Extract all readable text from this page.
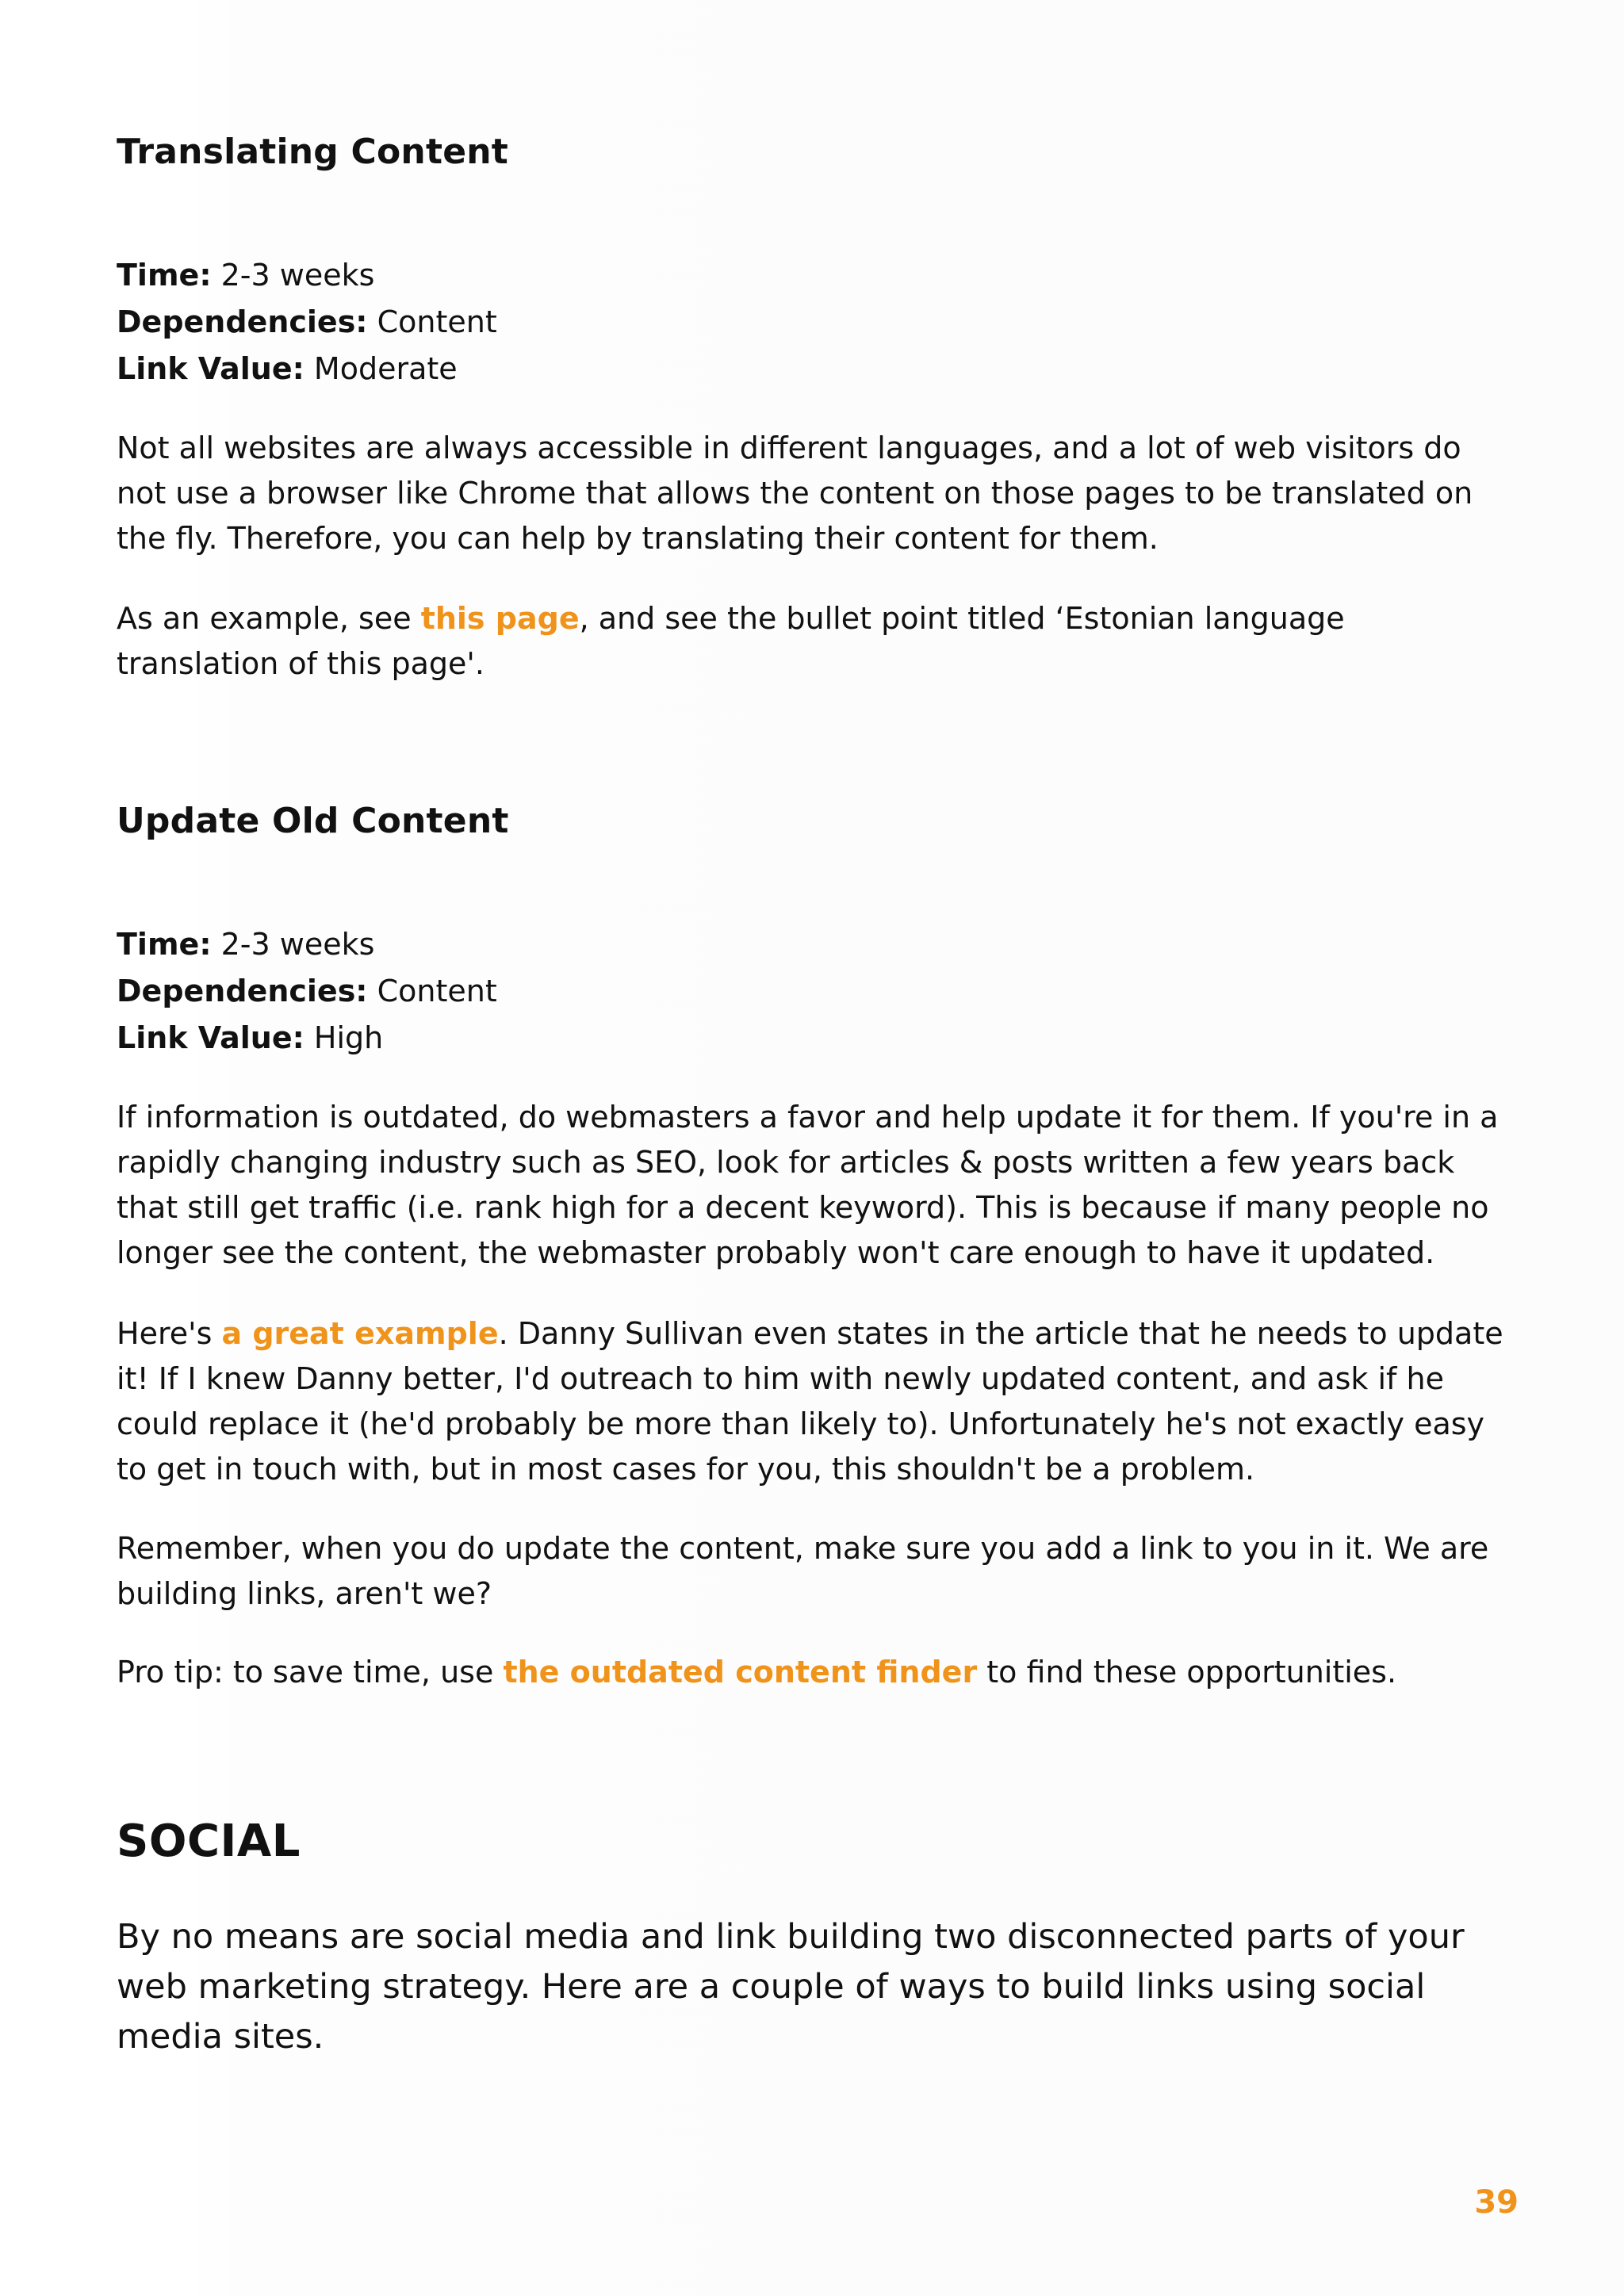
Translating Content

Time: 2-3 weeks

Dependencies: Content

Link Value: Moderate

Not all websites are always accessible in different languages, and a lot of web visitors do not use a browser like Chrome that allows the content on those pages to be translated on the fly. Therefore, you can help by translating their content for them.

As an example, see this page, and see the bullet point titled ‘Estonian language translation of this page'.

Update Old Content

Time: 2-3 weeks

Dependencies: Content

Link Value: High

If information is outdated, do webmasters a favor and help update it for them. If you're in a rapidly changing industry such as SEO, look for articles & posts written a few years back that still get traffic (i.e. rank high for a decent keyword). This is because if many people no longer see the content, the webmaster probably won't care enough to have it updated.

Here's a great example. Danny Sullivan even states in the article that he needs to update it! If I knew Danny better, I'd outreach to him with newly updated content, and ask if he could replace it (he'd probably be more than likely to). Unfortunately he's not exactly easy to get in touch with, but in most cases for you, this shouldn't be a problem.

Remember, when you do update the content, make sure you add a link to you in it. We are building links, aren't we?

Pro tip: to save time, use the outdated content finder to find these opportunities.

SOCIAL

By no means are social media and link building two disconnected parts of your web marketing strategy. Here are a couple of ways to build links using social media sites.

39
